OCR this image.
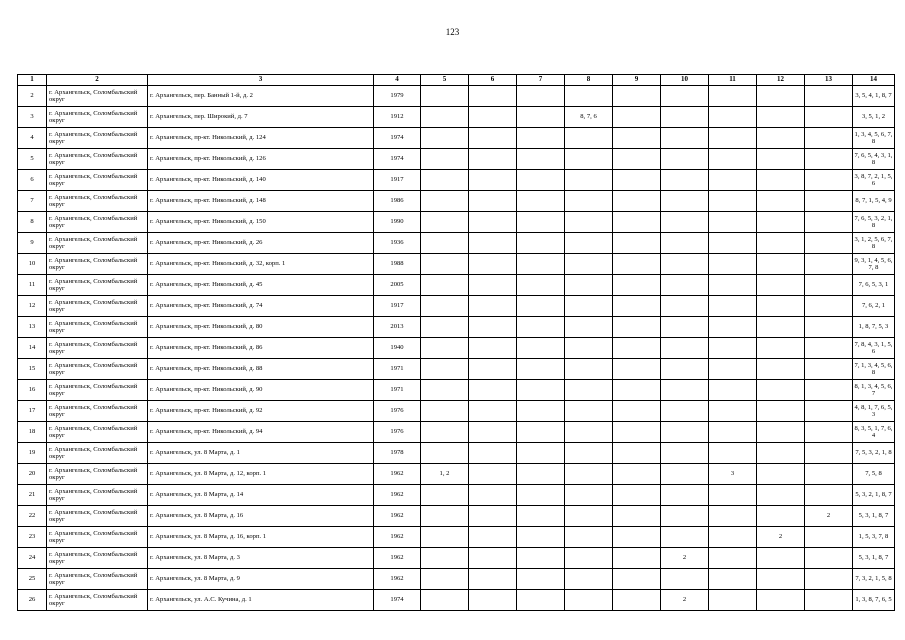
123
1	2	3	4	5	6	7	8	9	10	11	12	13	14
2	г. Архангельск, Соломбальский округ	г. Архангельск, пер. Банный 1-й, д. 2	1979										3, 5, 4, 1, 8, 7
3	г. Архангельск, Соломбальский округ	г. Архангельск, пер. Широкий, д. 7	1912				8, 7, 6						3, 5, 1, 2
4	г. Архангельск, Соломбальский округ	г. Архангельск, пр-кт. Никольский, д. 124	1974										1, 3, 4, 5, 6, 7, 8
5	г. Архангельск, Соломбальский округ	г. Архангельск, пр-кт. Никольский, д. 126	1974										7, 6, 5, 4, 3, 1, 8
6	г. Архангельск, Соломбальский округ	г. Архангельск, пр-кт. Никольский, д. 140	1917										3, 8, 7, 2, 1, 5, 6
7	г. Архангельск, Соломбальский округ	г. Архангельск, пр-кт. Никольский, д. 148	1986										8, 7, 1, 5, 4, 9
8	г. Архангельск, Соломбальский округ	г. Архангельск, пр-кт. Никольский, д. 150	1990										7, 6, 5, 3, 2, 1, 8
9	г. Архангельск, Соломбальский округ	г. Архангельск, пр-кт. Никольский, д. 26	1936										3, 1, 2, 5, 6, 7, 8
10	г. Архангельск, Соломбальский округ	г. Архангельск, пр-кт. Никольский, д. 32, корп. 1	1988										9, 3, 1, 4, 5, 6, 7, 8
11	г. Архангельск, Соломбальский округ	г. Архангельск, пр-кт. Никольский, д. 45	2005										7, 6, 5, 3, 1
12	г. Архангельск, Соломбальский округ	г. Архангельск, пр-кт. Никольский, д. 74	1917										7, 6, 2, 1
13	г. Архангельск, Соломбальский округ	г. Архангельск, пр-кт. Никольский, д. 80	2013										1, 8, 7, 5, 3
14	г. Архангельск, Соломбальский округ	г. Архангельск, пр-кт. Никольский, д. 86	1940										7, 8, 4, 3, 1, 5, 6
15	г. Архангельск, Соломбальский округ	г. Архангельск, пр-кт. Никольский, д. 88	1971										7, 1, 3, 4, 5, 6, 8
16	г. Архангельск, Соломбальский округ	г. Архангельск, пр-кт. Никольский, д. 90	1971										8, 1, 3, 4, 5, 6, 7
17	г. Архангельск, Соломбальский округ	г. Архангельск, пр-кт. Никольский, д. 92	1976										4, 8, 1, 7, 6, 5, 3
18	г. Архангельск, Соломбальский округ	г. Архангельск, пр-кт. Никольский, д. 94	1976										8, 3, 5, 1, 7, 6, 4
19	г. Архангельск, Соломбальский округ	г. Архангельск, ул. 8 Марта, д. 1	1978										7, 5, 3, 2, 1, 8
20	г. Архангельск, Соломбальский округ	г. Архангельск, ул. 8 Марта, д. 12, корп. 1	1962	1, 2						3			7, 5, 8
21	г. Архангельск, Соломбальский округ	г. Архангельск, ул. 8 Марта, д. 14	1962										5, 3, 2, 1, 8, 7
22	г. Архангельск, Соломбальский округ	г. Архангельск, ул. 8 Марта, д. 16	1962									2	5, 3, 1, 8, 7
23	г. Архангельск, Соломбальский округ	г. Архангельск, ул. 8 Марта, д. 16, корп. 1	1962								2		1, 5, 3, 7, 8
24	г. Архангельск, Соломбальский округ	г. Архангельск, ул. 8 Марта, д. 3	1962						2				5, 3, 1, 8, 7
25	г. Архангельск, Соломбальский округ	г. Архангельск, ул. 8 Марта, д. 9	1962										7, 3, 2, 1, 5, 8
26	г. Архангельск, Соломбальский округ	г. Архангельск, ул. А.С. Кучина, д. 1	1974						2				1, 3, 8, 7, 6, 5
